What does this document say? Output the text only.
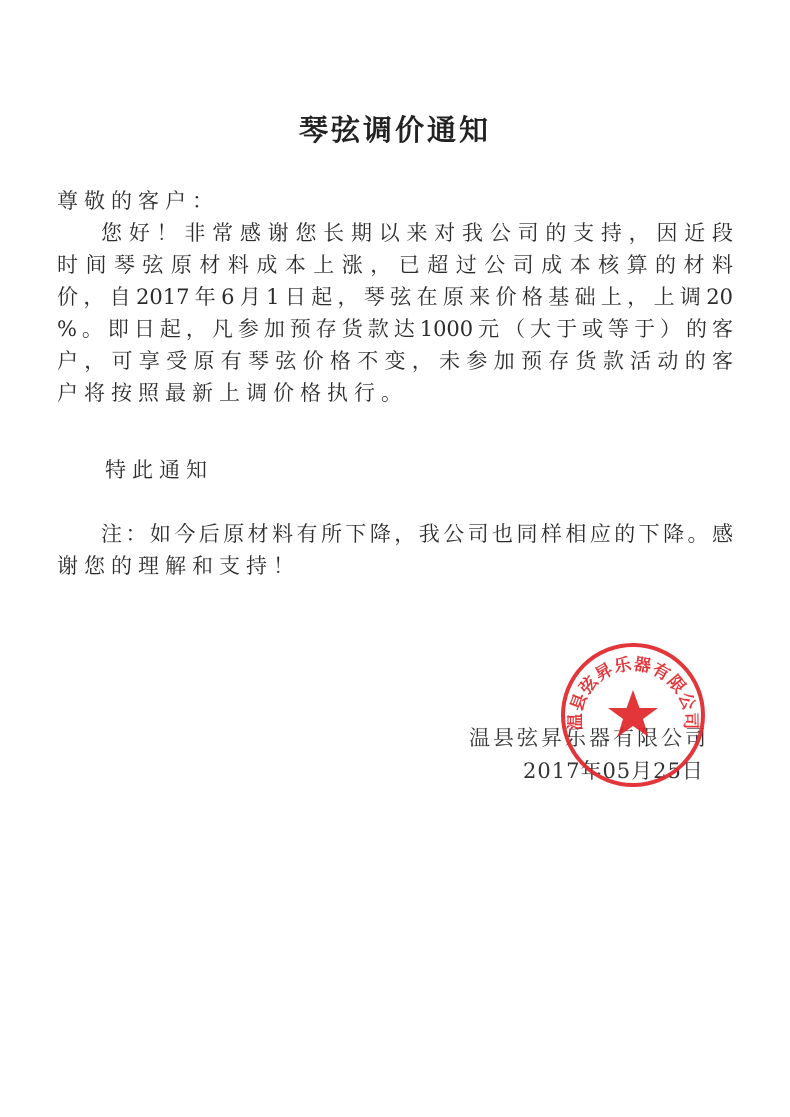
琴弦调价通知
尊敬的客户：
您好！非常感谢您长期以来对我公司的支持，因近段
时间琴弦原材料成本上涨，已超过公司成本核算的材料
价，自2017年6月1日起，琴弦在原来价格基础上，上调20
%。即日起，凡参加预存货款达1000元（大于或等于）的客
户，可享受原有琴弦价格不变，未参加预存货款活动的客
户将按照最新上调价格执行。
特此通知
注：如今后原材料有所下降，我公司也同样相应的下降。感
谢您的理解和支持！
温县弦昇乐器有限公司
2017年05月25日
温县弦昇乐器有限公司
